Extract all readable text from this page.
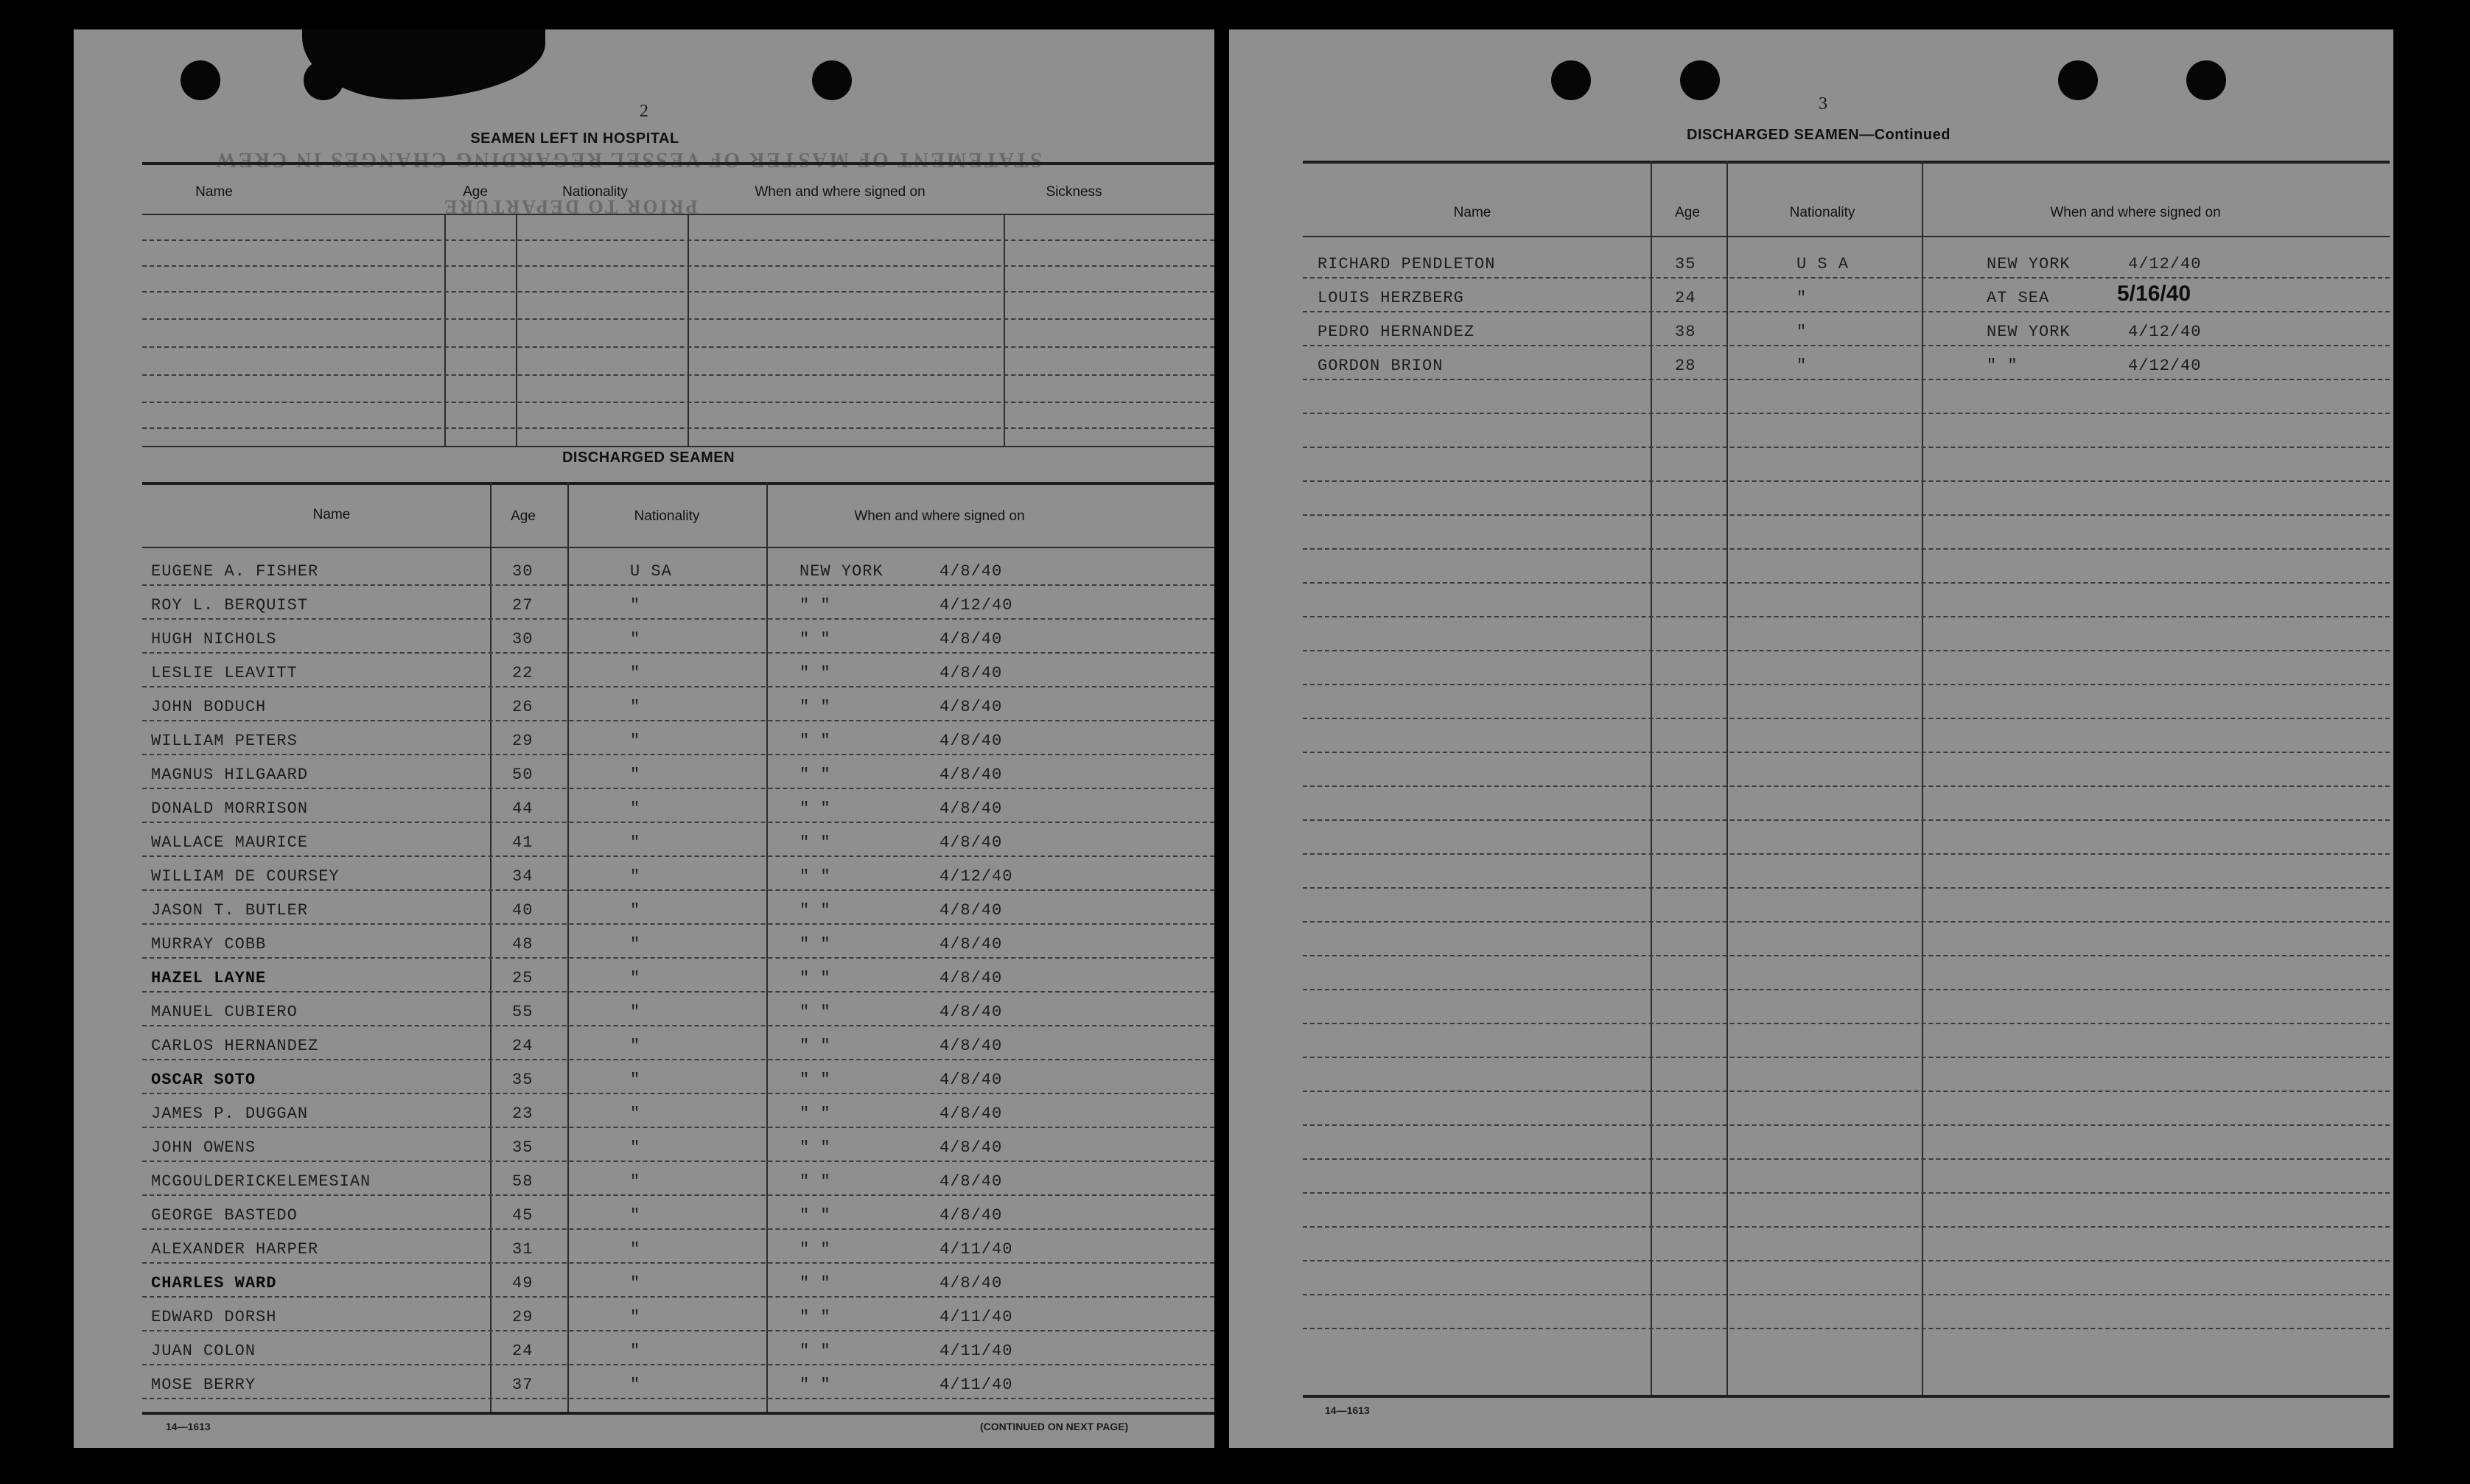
2
STATEMENT OF MASTER OF VESSEL REGARDING CHANGES IN CREW
PRIOR TO DEPARTURE
SEAMEN LEFT IN HOSPITAL
Name	Age	Nationality	When and where signed on	Sickness
DISCHARGED SEAMEN
Name	Age	Nationality	When and where signed on
14—1613	(CONTINUED ON NEXT PAGE)
EUGENE A. FISHER	30	U SA	NEW YORK	4/8/40
ROY L. BERQUIST	27	"	" "	4/12/40
HUGH NICHOLS	30	"	" "	4/8/40
LESLIE LEAVITT	22	"	" "	4/8/40
JOHN BODUCH	26	"	" "	4/8/40
WILLIAM PETERS	29	"	" "	4/8/40
MAGNUS HILGAARD	50	"	" "	4/8/40
DONALD MORRISON	44	"	" "	4/8/40
WALLACE MAURICE	41	"	" "	4/8/40
WILLIAM DE COURSEY	34	"	" "	4/12/40
JASON T. BUTLER	40	"	" "	4/8/40
MURRAY COBB	48	"	" "	4/8/40
HAZEL LAYNE	25	"	" "	4/8/40
MANUEL CUBIERO	55	"	" "	4/8/40
CARLOS HERNANDEZ	24	"	" "	4/8/40
OSCAR SOTO	35	"	" "	4/8/40
JAMES P. DUGGAN	23	"	" "	4/8/40
JOHN OWENS	35	"	" "	4/8/40
MCGOULDERICKELEMESIAN	58	"	" "	4/8/40
GEORGE BASTEDO	45	"	" "	4/8/40
ALEXANDER HARPER	31	"	" "	4/11/40
CHARLES WARD	49	"	" "	4/8/40
EDWARD DORSH	29	"	" "	4/11/40
JUAN COLON	24	"	" "	4/11/40
MOSE BERRY	37	"	" "	4/11/40
3
DISCHARGED SEAMEN—Continued
Name	Age	Nationality	When and where signed on
14—1613
RICHARD PENDLETON	35	U S A	NEW YORK	4/12/40
LOUIS HERZBERG	24	"	AT SEA	5/16/40
PEDRO HERNANDEZ	38	"	NEW YORK	4/12/40
GORDON BRION	28	"	" "	4/12/40
